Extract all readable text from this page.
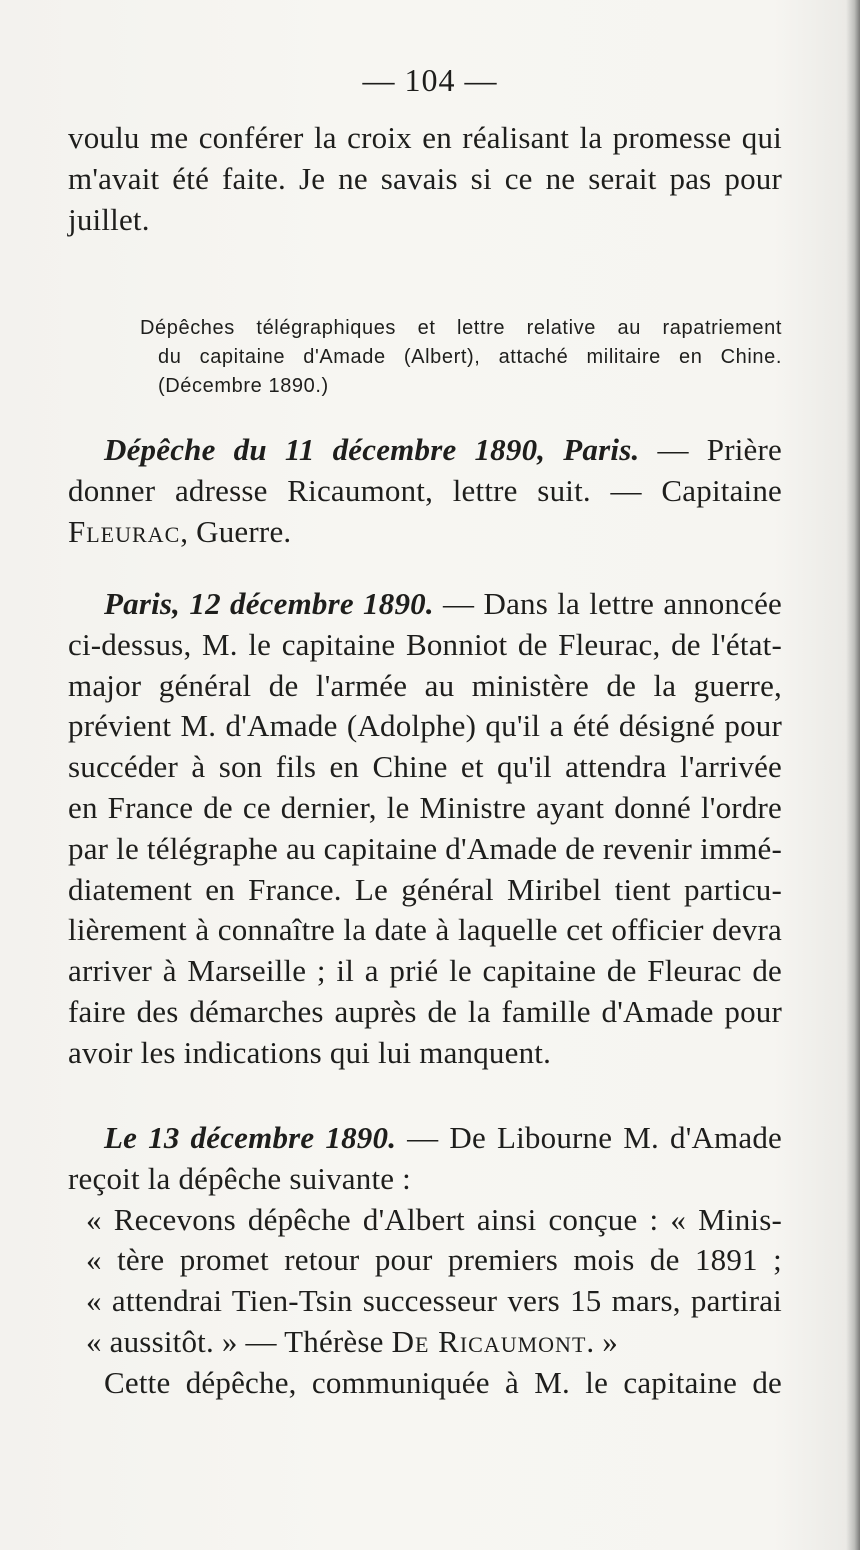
— 104 —
voulu me conférer la croix en réalisant la promesse qui
m'avait été faite. Je ne savais si ce ne serait pas pour
juillet.
Dépêches télégraphiques et lettre relative au rapatriement
du capitaine d'Amade (Albert), attaché militaire en Chine.
(Décembre 1890.)
Dépêche du 11 décembre 1890, Paris. — Prière
donner adresse Ricaumont, lettre suit. — Capitaine
Fleurac, Guerre.
Paris, 12 décembre 1890. — Dans la lettre annoncée
ci-dessus, M. le capitaine Bonniot de Fleurac, de l'état-
major général de l'armée au ministère de la guerre,
prévient M. d'Amade (Adolphe) qu'il a été désigné pour
succéder à son fils en Chine et qu'il attendra l'arrivée
en France de ce dernier, le Ministre ayant donné l'ordre
par le télégraphe au capitaine d'Amade de revenir immé-
diatement en France. Le général Miribel tient particu-
lièrement à connaître la date à laquelle cet officier devra
arriver à Marseille ; il a prié le capitaine de Fleurac de
faire des démarches auprès de la famille d'Amade pour
avoir les indications qui lui manquent.
Le 13 décembre 1890. — De Libourne M. d'Amade
reçoit la dépêche suivante :
« Recevons dépêche d'Albert ainsi conçue : « Minis-
« tère promet retour pour premiers mois de 1891 ;
« attendrai Tien-Tsin successeur vers 15 mars, partirai
« aussitôt. » — Thérèse De Ricaumont. »
Cette dépêche, communiquée à M. le capitaine de
